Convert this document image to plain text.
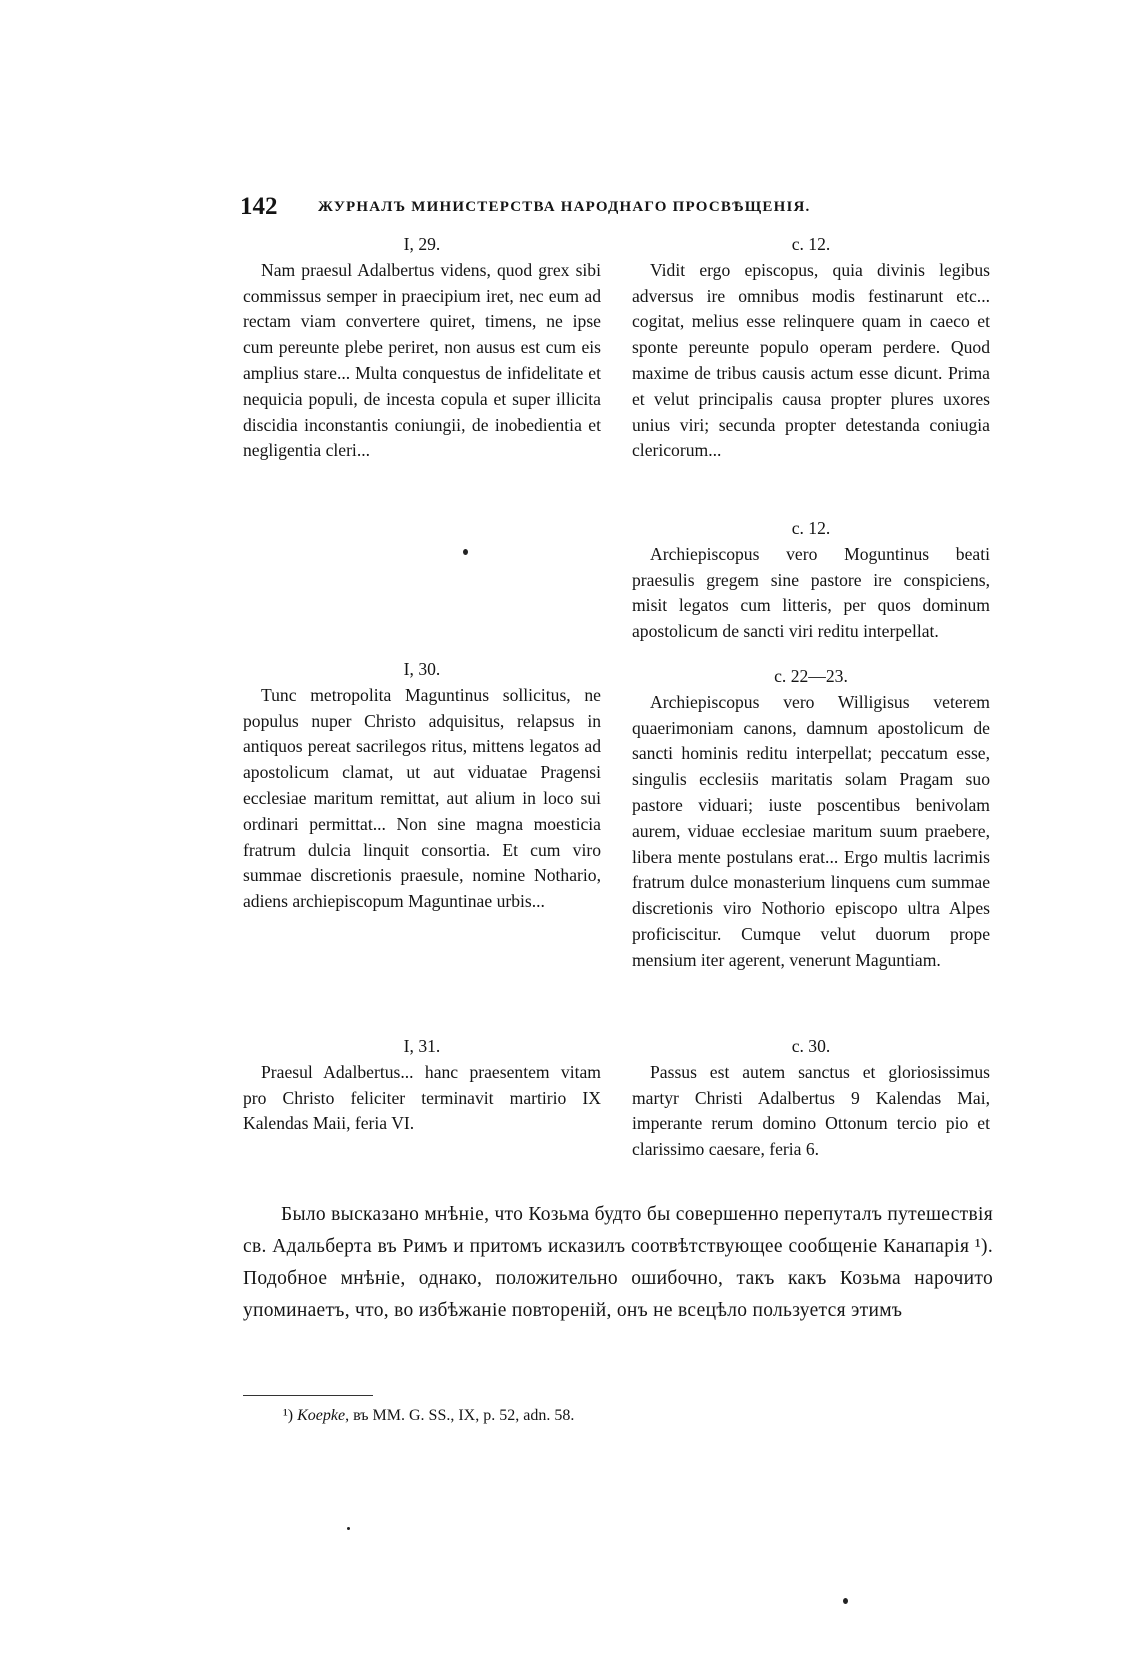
142	ЖУРНАЛЪ МИНИСТЕРСТВА НАРОДНАГО ПРОСВѢЩЕНІЯ.
I, 29.
Nam praesul Adalbertus videns, quod grex sibi commissus semper in praecipium iret, nec eum ad rectam viam convertere quiret, timens, ne ipse cum pereunte plebe periret, non ausus est cum eis amplius stare... Multa conquestus de infidelitate et nequicia populi, de incesta copula et super illicita discidia inconstantis coniungii, de inobedientia et negligentia cleri...
I, 30.
Tunc metropolita Maguntinus sollicitus, ne populus nuper Christo adquisitus, relapsus in antiquos pereat sacrilegos ritus, mittens legatos ad apostolicum clamat, ut aut viduatae Pragensi ecclesiae maritum remittat, aut alium in loco sui ordinari permittat... Non sine magna moesticia fratrum dulcia linquit consortia. Et cum viro summae discretionis praesule, nomine Nothario, adiens archiepiscopum Maguntinae urbis...
I, 31.
Praesul Adalbertus... hanc praesentem vitam pro Christo feliciter terminavit martirio IX Kalendas Maii, feria VI.
c. 12.
Vidit ergo episcopus, quia divinis legibus adversus ire omnibus modis festinarunt etc... cogitat, melius esse relinquere quam in caeco et sponte pereunte populo operam perdere. Quod maxime de tribus causis actum esse dicunt. Prima et velut principalis causa propter plures uxores unius viri; secunda propter detestanda coniugia clericorum...
c. 12.
Archiepiscopus vero Moguntinus beati praesulis gregem sine pastore ire conspiciens, misit legatos cum litteris, per quos dominum apostolicum de sancti viri reditu interpellat.
c. 22—23.
Archiepiscopus vero Willigisus veterem quaerimoniam canons, damnum apostolicum de sancti hominis reditu interpellat; peccatum esse, singulis ecclesiis maritatis solam Pragam suo pastore viduari; iuste poscentibus benivolam aurem, viduae ecclesiae maritum suum praebere, libera mente postulans erat... Ergo multis lacrimis fratrum dulce monasterium linquens cum summae discretionis viro Nothorio episcopo ultra Alpes proficiscitur. Cumque velut duorum prope mensium iter agerent, venerunt Maguntiam.
c. 30.
Passus est autem sanctus et gloriosissimus martyr Christi Adalbertus 9 Kalendas Mai, imperante rerum domino Ottonum tercio pio et clarissimo caesare, feria 6.
Было высказано мнѣніе, что Козьма будто бы совершенно перепуталъ путешествія св. Адальберта въ Римъ и притомъ исказилъ соотвѣтствующее сообщеніе Канапарія ¹). Подобное мнѣніе, однако, положительно ошибочно, такъ какъ Козьма нарочито упоминаетъ, что, во избѣжаніе повтореній, онъ не всецѣло пользуется этимъ
¹) Koepke, въ ММ. G. SS., IX, p. 52, adn. 58.
